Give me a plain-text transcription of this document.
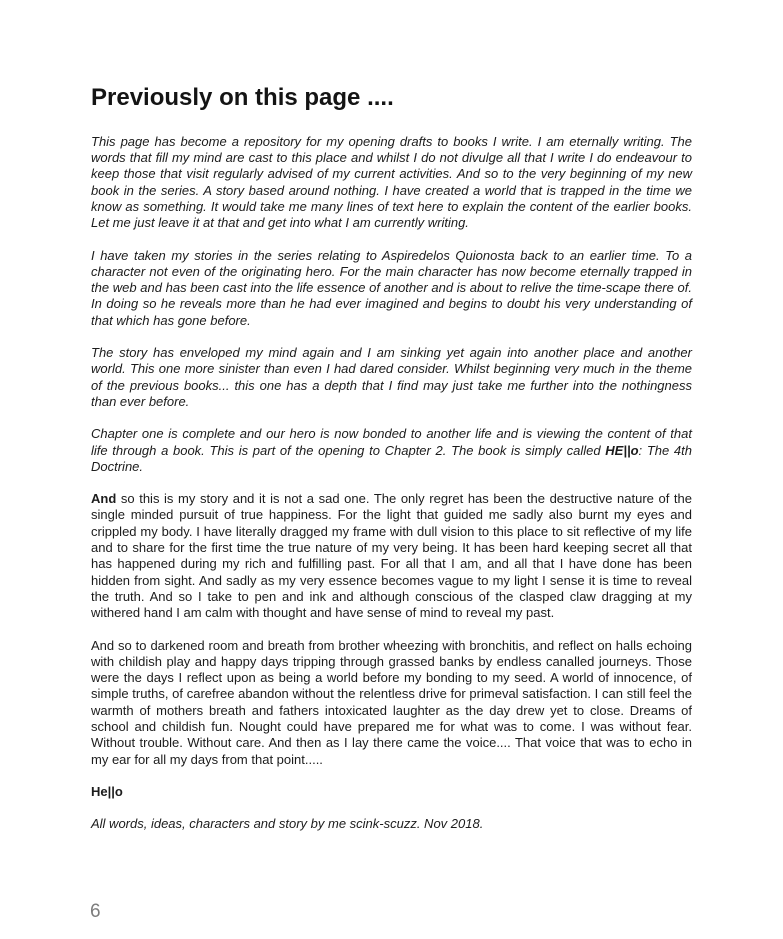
Previously on this page ....

This page has become a repository for my opening drafts to books I write. I am eternally writing. The words that fill my mind are cast to this place and whilst I do not divulge all that I write I do endeavour to keep those that visit regularly advised of my current activities. And so to the very beginning of my new book in the series. A story based around nothing. I have created a world that is trapped in the time we know as something. It would take me many lines of text here to explain the content of the earlier books. Let me just leave it at that and get into what I am currently writing.

I have taken my stories in the series relating to Aspiredelos Quionosta back to an earlier time. To a character not even of the originating hero. For the main character has now become eternally trapped in the web and has been cast into the life essence of another and is about to relive the time-scape there of. In doing so he reveals more than he had ever imagined and begins to doubt his very understanding of that which has gone before.

The story has enveloped my mind again and I am sinking yet again into another place and another world. This one more sinister than even I had dared consider. Whilst beginning very much in the theme of the previous books... this one has a depth that I find may just take me further into the nothingness than ever before.

Chapter one is complete and our hero is now bonded to another life and is viewing the content of that life through a book. This is part of the opening to Chapter 2. The book is simply called HE||o: The 4th Doctrine.

And so this is my story and it is not a sad one. The only regret has been the destructive nature of the single minded pursuit of true happiness. For the light that guided me sadly also burnt my eyes and crippled my body. I have literally dragged my frame with dull vision to this place to sit reflective of my life and to share for the first time the true nature of my very being. It has been hard keeping secret all that has happened during my rich and fulfilling past. For all that I am, and all that I have done has been hidden from sight. And sadly as my very essence becomes vague to my light I sense it is time to reveal the truth. And so I take to pen and ink and although conscious of the clasped claw dragging at my withered hand I am calm with thought and have sense of mind to reveal my past.

And so to darkened room and breath from brother wheezing with bronchitis, and reflect on halls echoing with childish play and happy days tripping through grassed banks by endless canalled journeys. Those were the days I reflect upon as being a world before my bonding to my seed. A world of innocence, of simple truths, of carefree abandon without the relentless drive for primeval satisfaction. I can still feel the warmth of mothers breath and fathers intoxicated laughter as the day drew yet to close. Dreams of school and childish fun. Nought could have prepared me for what was to come. I was without fear. Without trouble. Without care. And then as I lay there came the voice.... That voice that was to echo in my ear for all my days from that point.....

He||o

All words, ideas, characters and story by me scink-scuzz. Nov 2018.

6
